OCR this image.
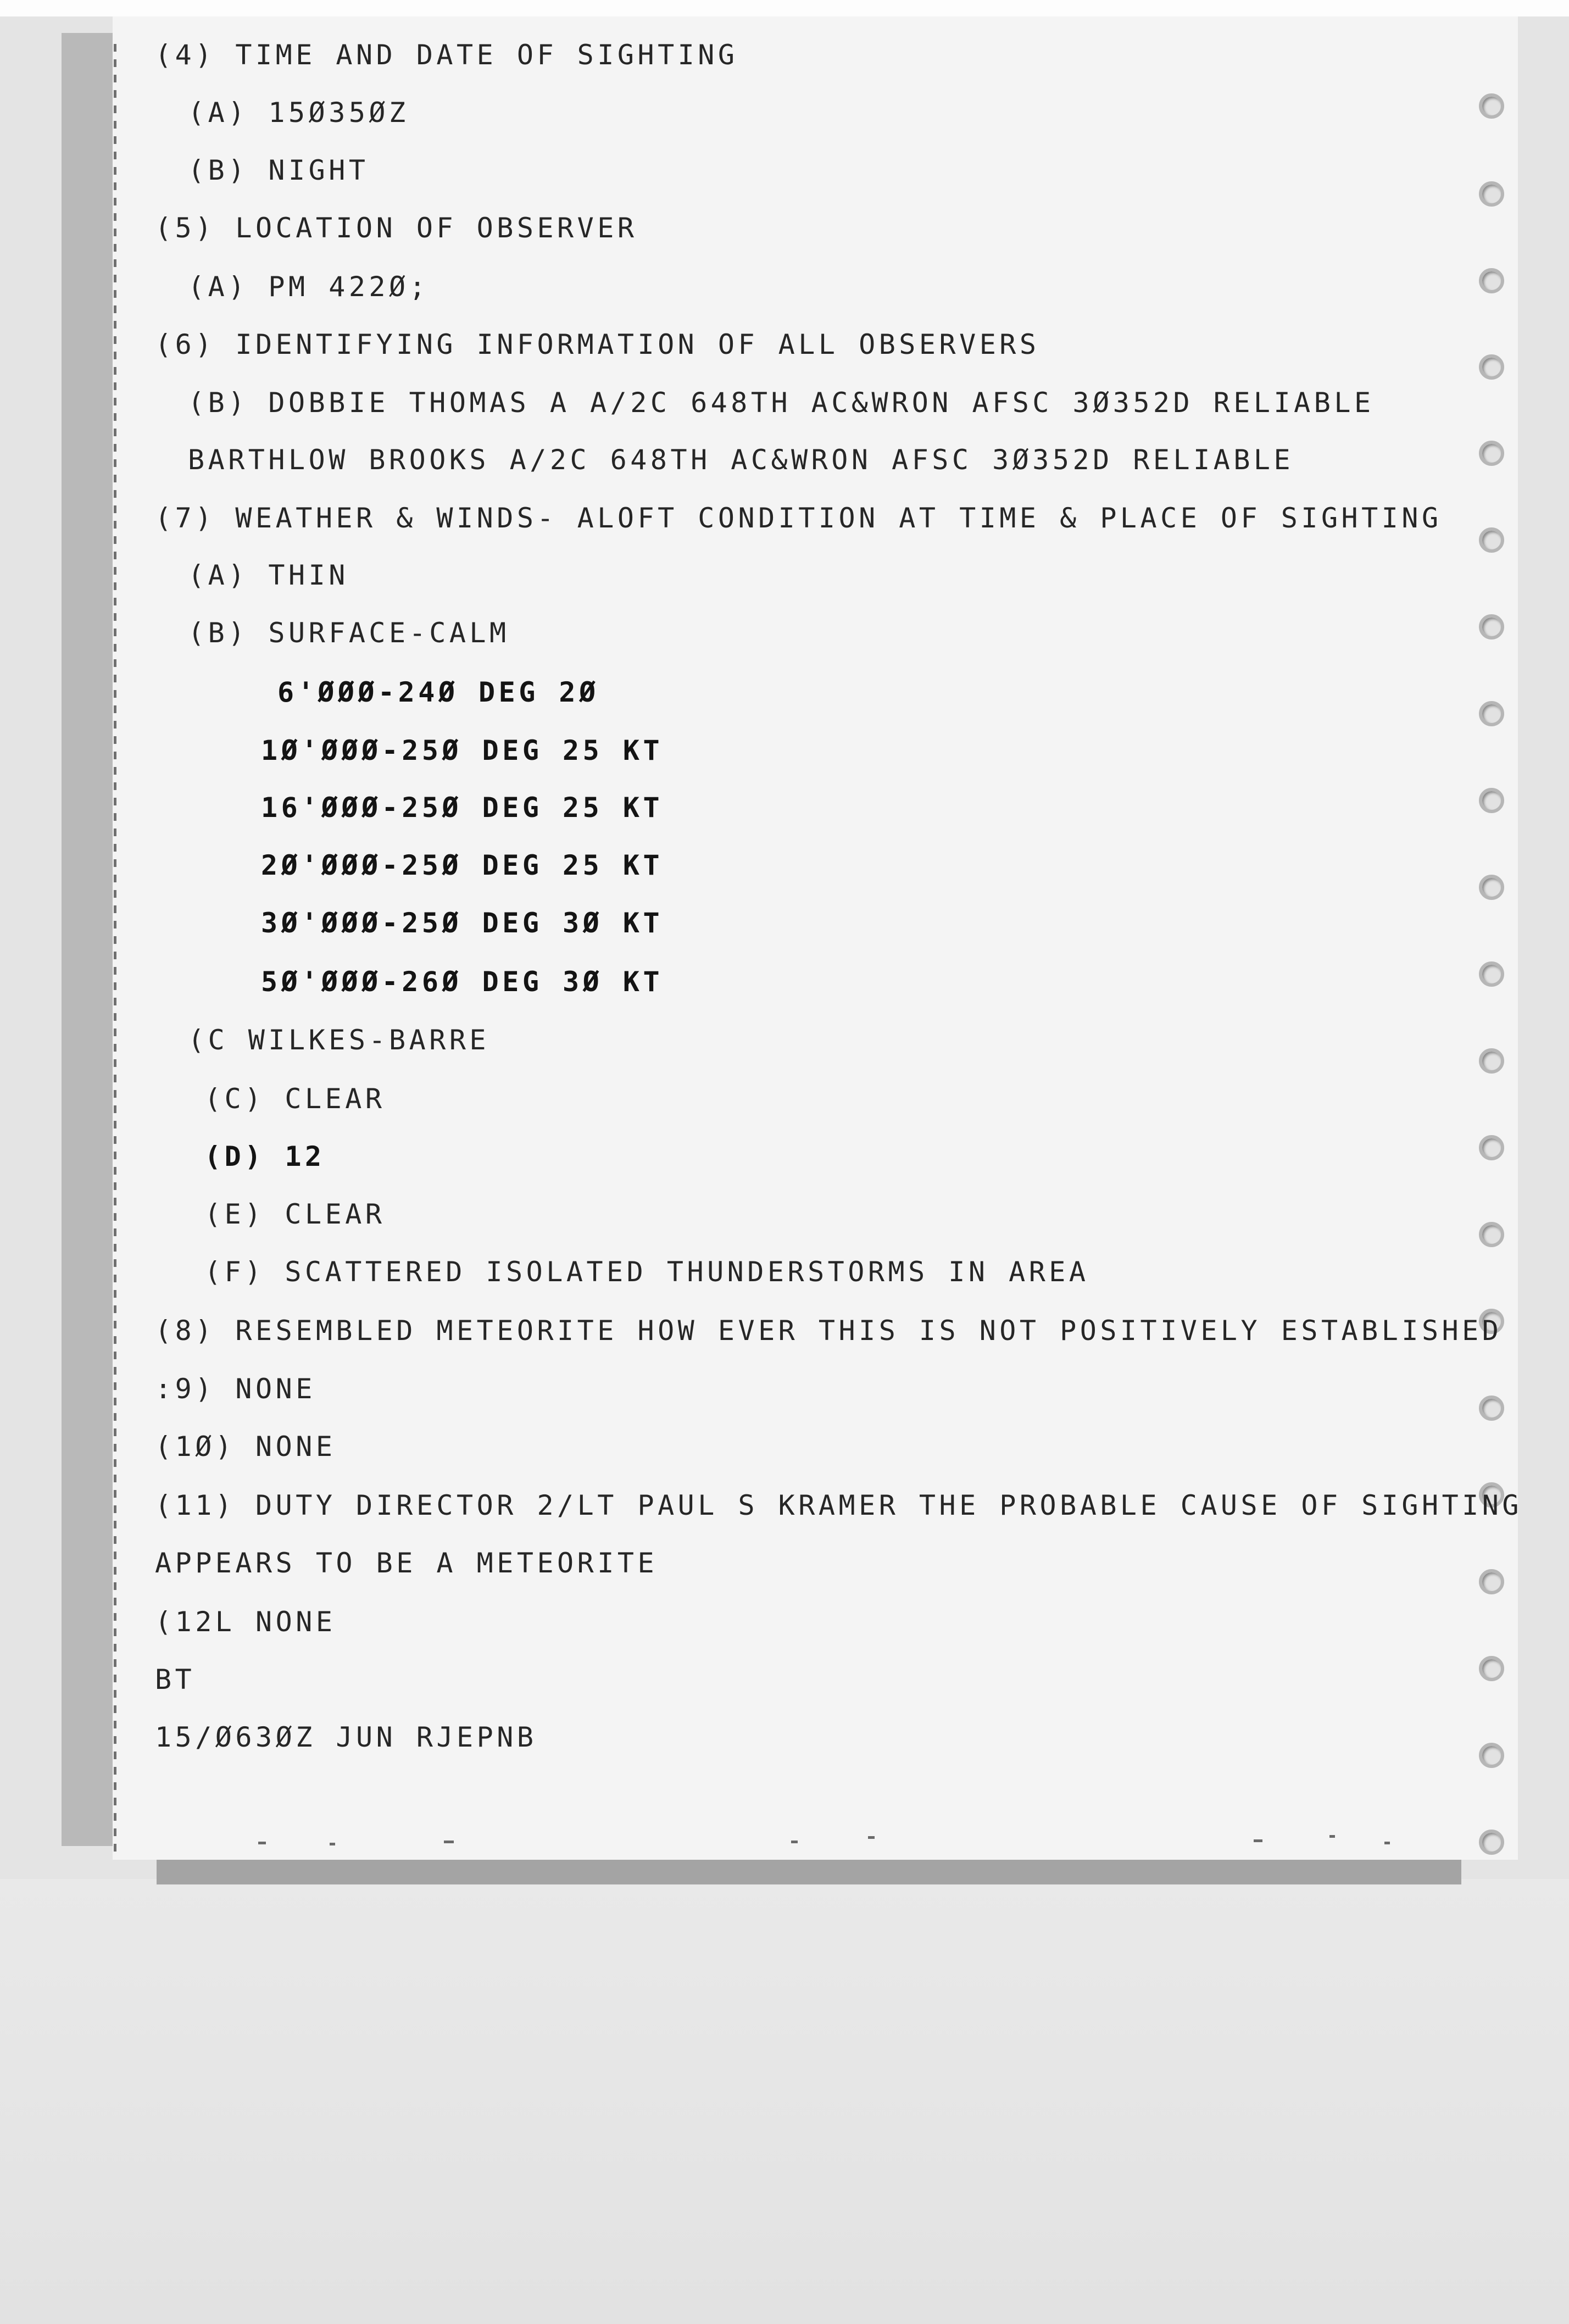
(4) TIME AND DATE OF SIGHTING

(A) 15Ø35ØZ

(B) NIGHT

(5) LOCATION OF OBSERVER

(A) PM 422Ø;

(6) IDENTIFYING INFORMATION OF ALL OBSERVERS

(B) DOBBIE THOMAS A A/2C 648TH AC&WRON AFSC 3Ø352D RELIABLE

BARTHLOW BROOKS A/2C 648TH AC&WRON AFSC 3Ø352D RELIABLE

(7) WEATHER & WINDS- ALOFT CONDITION AT TIME & PLACE OF SIGHTING

(A) THIN

(B) SURFACE-CALM

6'ØØØ-24Ø DEG 2Ø

1Ø'ØØØ-25Ø DEG 25 KT

16'ØØØ-25Ø DEG 25 KT

2Ø'ØØØ-25Ø DEG 25 KT

3Ø'ØØØ-25Ø DEG 3Ø KT

5Ø'ØØØ-26Ø DEG 3Ø KT

(C WILKES-BARRE

(C) CLEAR

(D) 12

(E) CLEAR

(F) SCATTERED ISOLATED THUNDERSTORMS IN AREA

(8) RESEMBLED METEORITE HOW EVER THIS IS NOT POSITIVELY ESTABLISHED

:9) NONE

(1Ø) NONE

(11) DUTY DIRECTOR 2/LT PAUL S KRAMER THE PROBABLE CAUSE OF SIGHTING

APPEARS TO BE A METEORITE

(12L NONE

BT

15/Ø63ØZ JUN RJEPNB
